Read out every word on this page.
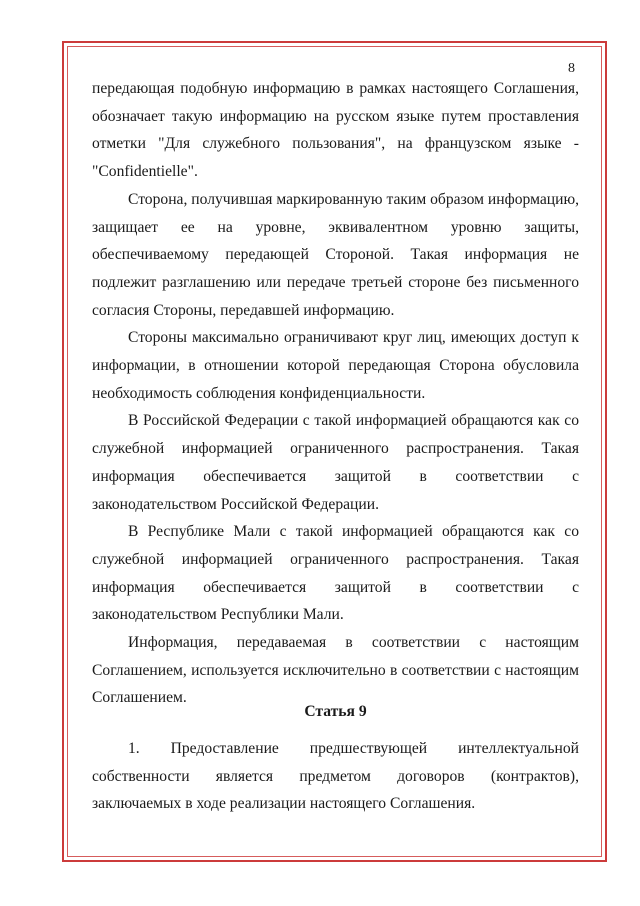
8

передающая подобную информацию в рамках настоящего Соглашения, обозначает такую информацию на русском языке путем проставления отметки "Для служебного пользования", на французском языке - "Confidentielle".

Сторона, получившая маркированную таким образом информацию, защищает ее на уровне, эквивалентном уровню защиты, обеспечиваемому передающей Стороной. Такая информация не подлежит разглашению или передаче третьей стороне без письменного согласия Стороны, передавшей информацию.

Стороны максимально ограничивают круг лиц, имеющих доступ к информации, в отношении которой передающая Сторона обусловила необходимость соблюдения конфиденциальности.

В Российской Федерации с такой информацией обращаются как со служебной информацией ограниченного распространения. Такая информация обеспечивается защитой в соответствии с законодательством Российской Федерации.

В Республике Мали с такой информацией обращаются как со служебной информацией ограниченного распространения. Такая информация обеспечивается защитой в соответствии с законодательством Республики Мали.

Информация, передаваемая в соответствии с настоящим Соглашением, используется исключительно в соответствии с настоящим Соглашением.

Статья 9

1. Предоставление предшествующей интеллектуальной собственности является предметом договоров (контрактов), заключаемых в ходе реализации настоящего Соглашения.
